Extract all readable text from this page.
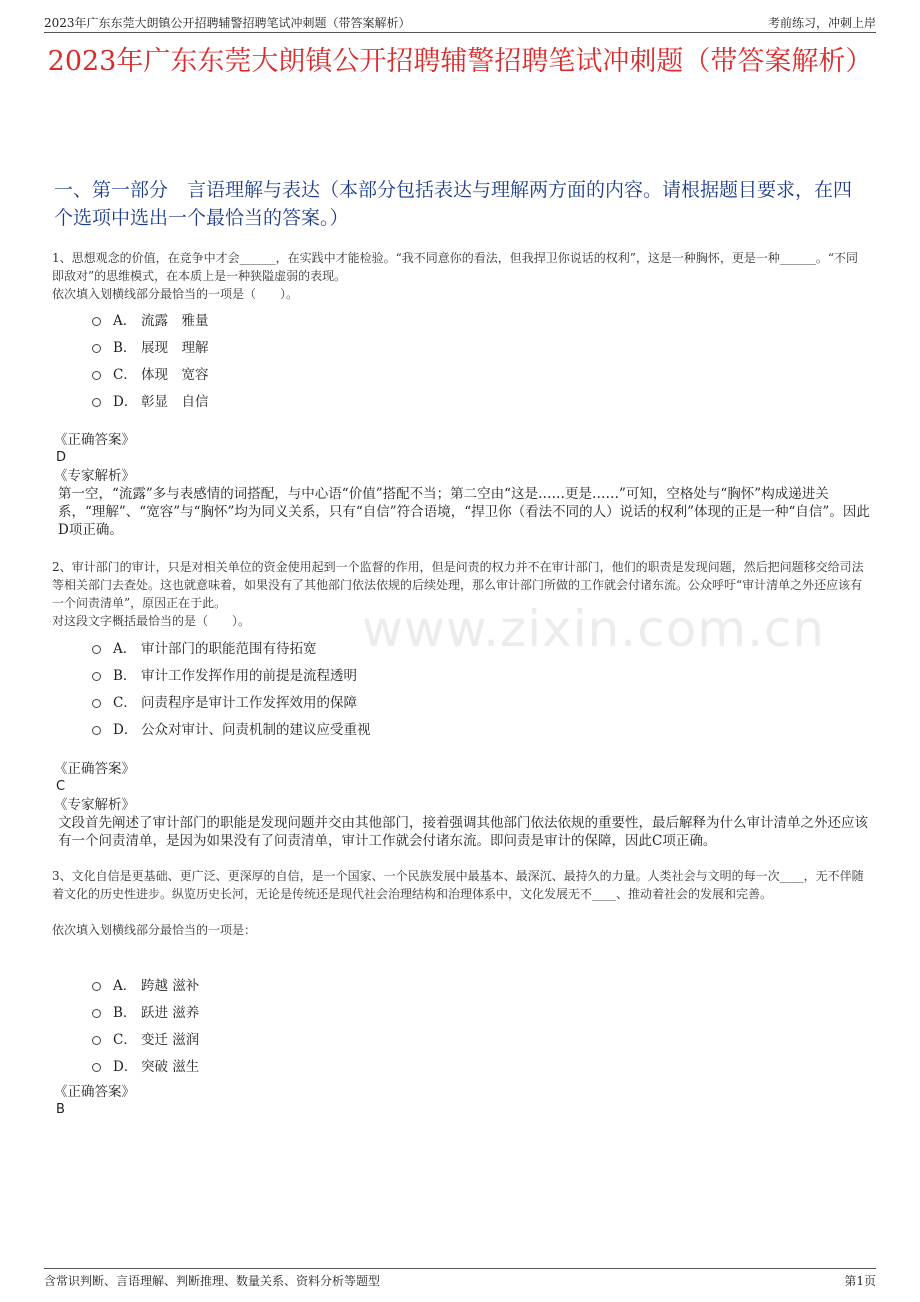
2023年广东东莞大朗镇公开招聘辅警招聘笔试冲刺题（带答案解析）	考前练习，冲刺上岸
2023年广东东莞大朗镇公开招聘辅警招聘笔试冲刺题（带答案解析）
一、第一部分　言语理解与表达（本部分包括表达与理解两方面的内容。请根据题目要求，在四个选项中选出一个最恰当的答案。）

1、思想观念的价值，在竞争中才会______，在实践中才能检验。“我不同意你的看法，但我捍卫你说话的权利”，这是一种胸怀，更是一种______。“不同即敌对”的思维模式，在本质上是一种狭隘虚弱的表现。

依次填入划横线部分最恰当的一项是（　　）。

A． 流露　雅量
B． 展现　理解
C． 体现　宽容
D． 彰显　自信

《正确答案》

D

《专家解析》

第一空，“流露”多与表感情的词搭配，与中心语“价值”搭配不当；第二空由“这是……更是……”可知，空格处与“胸怀”构成递进关系，“理解”、“宽容”与“胸怀”均为同义关系，只有“自信”符合语境，“捍卫你（看法不同的人）说话的权利”体现的正是一种“自信”。因此D项正确。

2、审计部门的审计，只是对相关单位的资金使用起到一个监督的作用，但是问责的权力并不在审计部门，他们的职责是发现问题，然后把问题移交给司法等相关部门去查处。这也就意味着，如果没有了其他部门依法依规的后续处理，那么审计部门所做的工作就会付诸东流。公众呼吁“审计清单之外还应该有一个问责清单”，原因正在于此。

对这段文字概括最恰当的是（　　）。

A． 审计部门的职能范围有待拓宽
B． 审计工作发挥作用的前提是流程透明
C． 问责程序是审计工作发挥效用的保障
D． 公众对审计、问责机制的建议应受重视

《正确答案》

C

《专家解析》

文段首先阐述了审计部门的职能是发现问题并交由其他部门，接着强调其他部门依法依规的重要性，最后解释为什么审计清单之外还应该有一个问责清单，是因为如果没有了问责清单，审计工作就会付诸东流。即问责是审计的保障，因此C项正确。

3、文化自信是更基础、更广泛、更深厚的自信，是一个国家、一个民族发展中最基本、最深沉、最持久的力量。人类社会与文明的每一次____，无不伴随着文化的历史性进步。纵览历史长河，无论是传统还是现代社会治理结构和治理体系中，文化发展无不____、推动着社会的发展和完善。

依次填入划横线部分最恰当的一项是：

A． 跨越 滋补
B． 跃进 滋养
C． 变迁 滋润
D． 突破 滋生

《正确答案》

B

www.zixin.com.cn
含常识判断、言语理解、判断推理、数量关系、资料分析等题型	第1页
